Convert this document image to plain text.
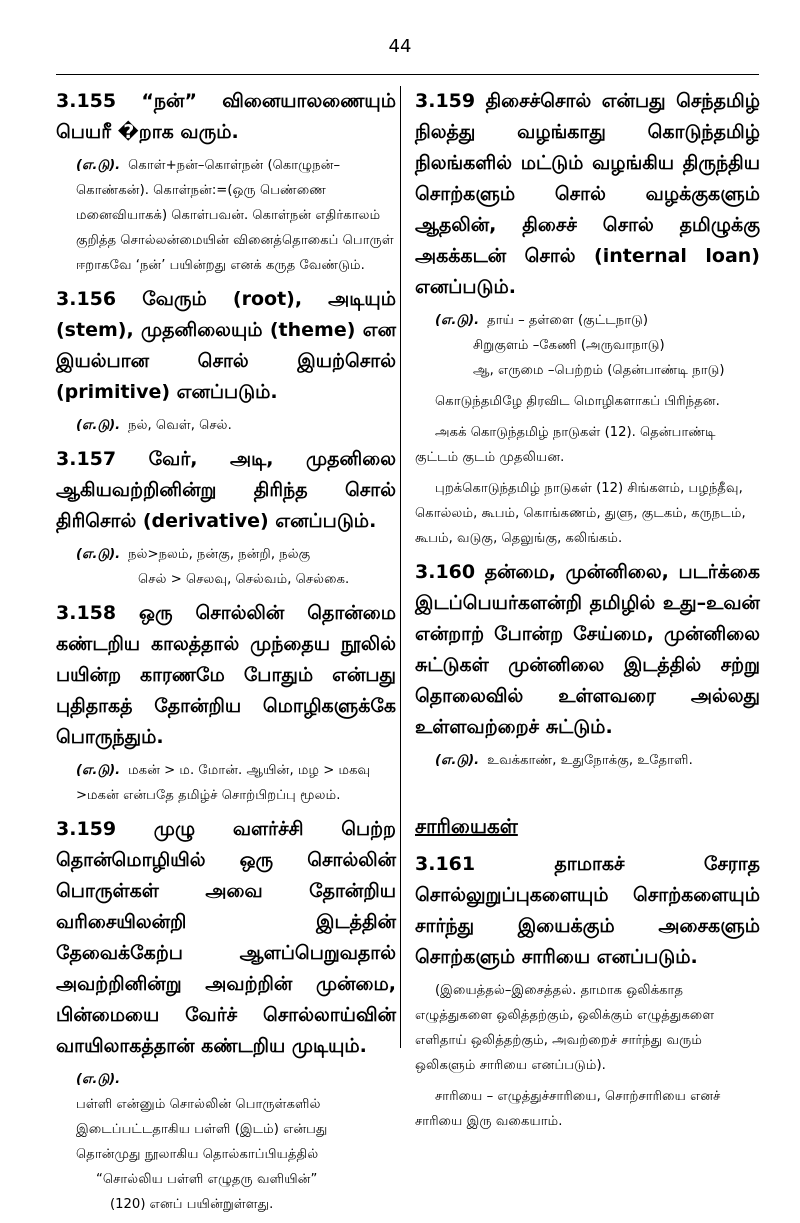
44

3.155 “நன்” வினையாலணையும் பெயரீ �றாக வரும்.

(எ.டு). கொள்+நன்–கொள்நன் (கொழுநன்–கொண்கன்). கொள்நன்:=(ஒரு பெண்ணை மனைவியாகக்) கொள்பவன். கொள்நன் எதிர்காலம் குறித்த சொல்லன்மையின் வினைத்தொகைப் பொருள் ஈறாகவே ‘நன்’ பயின்றது எனக் கருத வேண்டும்.

3.156 வேரும் (root), அடியும் (stem), முதனிலையும் (theme) என இயல்பான சொல் இயற்சொல் (primitive) எனப்படும்.

(எ.டு). நல், வெள், செல்.

3.157 வேர், அடி, முதனிலை ஆகியவற்றினின்று திரிந்த சொல் திரிசொல் (derivative) எனப்படும்.

(எ.டு). நல்>நலம், நன்கு, நன்றி, நல்கு
செல் > செலவு, செல்வம், செல்கை.

3.158 ஒரு சொல்லின் தொன்மை கண்டறிய காலத்தால் முந்தைய நூலில் பயின்ற காரணமே போதும் என்பது புதிதாகத் தோன்றிய மொழிகளுக்கே பொருந்தும்.

(எ.டு). மகன் > ம. மோன். ஆயின், மழ > மகவு >மகன் என்பதே தமிழ்ச் சொற்பிறப்பு மூலம்.

3.159 முழு வளர்ச்சி பெற்ற தொன்மொழியில் ஒரு சொல்லின் பொருள்கள் அவை தோன்றிய வரிசையிலன்றி இடத்தின் தேவைக்கேற்ப ஆளப்பெறுவதால் அவற்றினின்று அவற்றின் முன்மை, பின்மையை வேர்ச் சொல்லாய்வின் வாயிலாகத்தான் கண்டறிய முடியும்.

(எ.டு).
பள்ளி என்னும் சொல்லின் பொருள்களில்
இடைப்பட்டதாகிய பள்ளி (இடம்) என்பது
தொன்முது நூலாகிய தொல்காப்பியத்தில்
“சொல்லிய பள்ளி எழுதரு வளியின்”
(120) எனப் பயின்றுள்ளது.

3.159 திசைச்சொல் என்பது செந்தமிழ் நிலத்து வழங்காது கொடுந்தமிழ் நிலங்களில் மட்டும் வழங்கிய திருந்திய சொற்களும் சொல் வழக்குகளும் ஆதலின், திசைச் சொல் தமிழுக்கு அகக்கடன் சொல் (internal loan) எனப்படும்.

(எ.டு). தாய் – தள்ளை (குட்டநாடு)
சிறுகுளம் –கேணி (அருவாநாடு)
ஆ, எருமை –பெற்றம் (தென்பாண்டி நாடு)

கொடுந்தமிழே திரவிட மொழிகளாகப் பிரிந்தன.

அகக் கொடுந்தமிழ் நாடுகள் (12). தென்பாண்டி குட்டம் குடம் முதலியன.

புறக்கொடுந்தமிழ் நாடுகள் (12) சிங்களம், பழந்தீவு, கொல்லம், கூபம், கொங்கணம், துளு, குடகம், கருநடம், கூபம், வடுகு, தெலுங்கு, கலிங்கம்.

3.160 தன்மை, முன்னிலை, படர்க்கை இடப்பெயர்களன்றி தமிழில் உது–உவன் என்றாற் போன்ற சேய்மை, முன்னிலை சுட்டுகள் முன்னிலை இடத்தில் சற்று தொலைவில் உள்ளவரை அல்லது உள்ளவற்றைச் சுட்டும்.

(எ.டு). உவக்காண், உதுநோக்கு, உதோளி.

சாரியைகள்

3.161 தாமாகச் சேராத சொல்லுறுப்புகளையும் சொற்களையும் சார்ந்து இயைக்கும் அசைகளும் சொற்களும் சாரியை எனப்படும்.

(இயைத்தல்–இசைத்தல். தாமாக ஒலிக்காத எழுத்துகளை ஒலித்தற்கும், ஒலிக்கும் எழுத்துகளை எளிதாய் ஒலித்தற்கும், அவற்றைச் சார்ந்து வரும் ஒலிகளும் சாரியை எனப்படும்).

சாரியை – எழுத்துச்சாரியை, சொற்சாரியை எனச் சாரியை இரு வகையாம்.
